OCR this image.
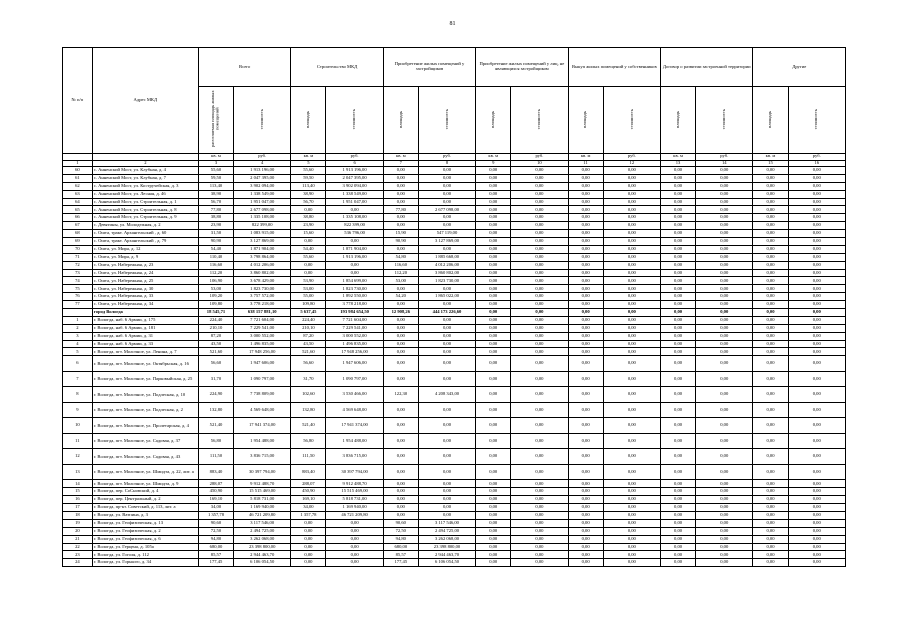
81
№ п/п	Адрес МКД	Всего		Строительство МКД		Приобретение жилых помещений у застройщиков		Приобретение жилых помещений у лиц, не являющихся застройщиком		Выкуп жилых помещений у собственников		Договор о развитии застроенной территории		Другие	
		расселяемая площадь жилых помещений	стоимость	площадь	стоимость	площадь	стоимость	площадь	стоимость	площадь	стоимость	площадь	стоимость	площадь	стоимость
		кв. м	руб.	кв. м	руб.	кв. м	руб.	кв. м	руб.	кв. м	руб.	кв. м	руб.	кв. м	руб.
1	2	3	4	5	6	7	8	9	10	11	12	13	14	15	16
60	с. Анненский Мост, ул. Клубная, д. 4	55,60	1 913 196,00	55,60	1 913 196,00	0,00	0,00	0,00	0,00	0,00	0,00	0,00	0,00	0,00	0,00
61	с. Анненский Мост, ул. Клубная, д. 7	59,50	2 047 395,00	59,50	2 047 395,00	0,00	0,00	0,00	0,00	0,00	0,00	0,00	0,00	0,00	0,00
62	с. Анненский Мост, ул. Костручейская, д. 3	113,40	3 902 094,00	113,40	3 902 094,00	0,00	0,00	0,00	0,00	0,00	0,00	0,00	0,00	0,00	0,00
63	с. Анненский Мост, ул. Лесная, д. 46	38,90	1 338 549,00	38,90	1 338 549,00	0,00	0,00	0,00	0,00	0,00	0,00	0,00	0,00	0,00	0,00
64	с. Анненский Мост, ул. Строительная, д. 1	56,70	1 951 047,00	56,70	1 951 047,00	0,00	0,00	0,00	0,00	0,00	0,00	0,00	0,00	0,00	0,00
65	с. Анненский Мост, ул. Строительная, д. 8	77,80	2 677 098,00	0,00	0,00	77,80	2 677 098,00	0,00	0,00	0,00	0,00	0,00	0,00	0,00	0,00
66	с. Анненский Мост, ул. Строительная, д. 9	38,80	1 335 108,00	38,80	1 335 108,00	0,00	0,00	0,00	0,00	0,00	0,00	0,00	0,00	0,00	0,00
67	с. Девятины, ул. Молодежная, д. 2	23,90	822 399,00	23,90	822 399,00	0,00	0,00	0,00	0,00	0,00	0,00	0,00	0,00	0,00	0,00
68	с. Ошта, тракт. Архангельский , д. 60	31,50	1 083 915,00	15,60	536 796,00	15,90	547 119,00	0,00	0,00	0,00	0,00	0,00	0,00	0,00	0,00
69	с. Ошта, тракт. Архангельский , д. 79	90,90	3 127 869,00	0,00	0,00	90,90	3 127 869,00	0,00	0,00	0,00	0,00	0,00	0,00	0,00	0,00
70	с. Ошта, ул. Мира, д. 12	54,40	1 871 904,00	54,40	1 871 904,00	0,00	0,00	0,00	0,00	0,00	0,00	0,00	0,00	0,00	0,00
71	с. Ошта, ул. Мира, д. 9	110,40	3 798 864,00	55,60	1 913 196,00	54,80	1 885 668,00	0,00	0,00	0,00	0,00	0,00	0,00	0,00	0,00
72	с. Ошта, ул. Набережная, д. 23	116,60	4 012 206,00	0,00	0,00	116,60	4 012 206,00	0,00	0,00	0,00	0,00	0,00	0,00	0,00	0,00
73	с. Ошта, ул. Набережная, д. 24	112,20	3 860 802,00	0,00	0,00	112,20	3 860 802,00	0,00	0,00	0,00	0,00	0,00	0,00	0,00	0,00
74	с. Ошта, ул. Набережная, д. 25	106,90	3 678 429,00	53,90	1 854 699,00	53,00	1 823 730,00	0,00	0,00	0,00	0,00	0,00	0,00	0,00	0,00
75	с. Ошта, ул. Набережная, д. 30	53,00	1 823 730,00	53,00	1 823 730,00	0,00	0,00	0,00	0,00	0,00	0,00	0,00	0,00	0,00	0,00
76	с. Ошта, ул. Набережная, д. 33	109,20	3 757 572,00	55,00	1 892 550,00	54,20	1 865 022,00	0,00	0,00	0,00	0,00	0,00	0,00	0,00	0,00
77	с. Ошта, ул. Набережная, д. 34	109,80	3 778 218,00	109,80	3 778 218,00	0,00	0,00	0,00	0,00	0,00	0,00	0,00	0,00	0,00	0,00
	город Вологда	18 545,71	638 157 881,10	5 637,45	193 984 654,50	12 908,26	444 173 226,60	0,00	0,00	0,00	0,00	0,00	0,00	0,00	0,00
1	г. Вологда, наб. 6 Армии, д. 175	224,40	7 721 604,00	224,40	7 721 604,00	0,00	0,00	0,00	0,00	0,00	0,00	0,00	0,00	0,00	0,00
2	г. Вологда, наб. 6 Армии, д. 181	210,10	7 229 541,00	210,10	7 229 541,00	0,00	0,00	0,00	0,00	0,00	0,00	0,00	0,00	0,00	0,00
3	г. Вологда, наб. 6 Армии, д. 31	87,20	3 000 552,00	87,20	3 000 552,00	0,00	0,00	0,00	0,00	0,00	0,00	0,00	0,00	0,00	0,00
4	г. Вологда, наб. 6 Армии, д. 33	43,50	1 496 835,00	43,50	1 496 835,00	0,00	0,00	0,00	0,00	0,00	0,00	0,00	0,00	0,00	0,00
5	г. Вологда, пгт. Молочное, ул. Ленина, д. 7	521,60	17 948 256,00	521,60	17 948 256,00	0,00	0,00	0,00	0,00	0,00	0,00	0,00	0,00	0,00	0,00
6	г. Вологда, пгт. Молочное, ул. Октябрьская, д. 16	56,60	1 947 606,00	56,60	1 947 606,00	0,00	0,00	0,00	0,00	0,00	0,00	0,00	0,00	0,00	0,00
7	г. Вологда, пгт. Молочное, ул. Парковыйская, д. 25	31,70	1 090 797,00	31,70	1 090 797,00	0,00	0,00	0,00	0,00	0,00	0,00	0,00	0,00	0,00	0,00
8	г. Вологда, пгт. Молочное, ул. Подлесная, д. 10	224,90	7 738 809,00	102,60	3 530 466,00	122,30	4 208 343,00	0,00	0,00	0,00	0,00	0,00	0,00	0,00	0,00
9	г. Вологда, пгт. Молочное, ул. Подлесная, д. 2	132,80	4 569 648,00	132,80	4 569 648,00	0,00	0,00	0,00	0,00	0,00	0,00	0,00	0,00	0,00	0,00
10	г. Вологда, пгт. Молочное, ул. Пролетарская, д. 4	521,40	17 941 374,00	521,40	17 941 374,00	0,00	0,00	0,00	0,00	0,00	0,00	0,00	0,00	0,00	0,00
11	г. Вологда, пгт. Молочное, ул. Садовая, д. 37	56,80	1 954 488,00	56,80	1 954 488,00	0,00	0,00	0,00	0,00	0,00	0,00	0,00	0,00	0,00	0,00
12	г. Вологда, пгт. Молочное, ул. Садовая, д. 43	111,50	3 836 715,00	111,50	3 836 715,00	0,00	0,00	0,00	0,00	0,00	0,00	0,00	0,00	0,00	0,00
13	г. Вологда, пгт. Молочное, ул. Шмидта, д. 22, лит. а	883,40	30 397 794,00	883,40	30 397 794,00	0,00	0,00	0,00	0,00	0,00	0,00	0,00	0,00	0,00	0,00
14	г. Вологда, пгт. Молочное, ул. Шмидта, д. 9	288,07	9 912 488,70	288,07	9 912 488,70	0,00	0,00	0,00	0,00	0,00	0,00	0,00	0,00	0,00	0,00
15	г. Вологда, пер. СоСновский, д. 4	450,90	15 515 469,00	450,90	15 515 469,00	0,00	0,00	0,00	0,00	0,00	0,00	0,00	0,00	0,00	0,00
16	г. Вологда, пер. Центральный, д. 2	169,10	5 818 731,00	169,10	5 818 731,00	0,00	0,00	0,00	0,00	0,00	0,00	0,00	0,00	0,00	0,00
17	г. Вологда, пр-кт. Советский, д. 113, лит. а	34,00	1 169 940,00	34,00	1 169 940,00	0,00	0,00	0,00	0,00	0,00	0,00	0,00	0,00	0,00	0,00
18	г. Вологда, ул. Ватпина, д. 3	1 357,78	46 721 209,80	1 357,78	46 721 209,80	0,00	0,00	0,00	0,00	0,00	0,00	0,00	0,00	0,00	0,00
19	г. Вологда, ул. Геофизическая, д. 13	90,60	3 117 546,00	0,00	0,00	90,60	3 117 546,00	0,00	0,00	0,00	0,00	0,00	0,00	0,00	0,00
20	г. Вологда, ул. Геофизическая, д. 2	72,50	2 494 725,00	0,00	0,00	72,50	2 494 725,00	0,00	0,00	0,00	0,00	0,00	0,00	0,00	0,00
21	г. Вологда, ул. Геофизическая, д. 6	94,80	3 262 068,00	0,00	0,00	94,80	3 262 068,00	0,00	0,00	0,00	0,00	0,00	0,00	0,00	0,00
22	г. Вологда, ул. Герцена, д. 105а	680,00	23 398 800,00	0,00	0,00	680,00	23 398 800,00	0,00	0,00	0,00	0,00	0,00	0,00	0,00	0,00
23	г. Вологда, ул. Гоголя, д. 112	85,57	2 944 463,70	0,00	0,00	85,57	2 944 463,70	0,00	0,00	0,00	0,00	0,00	0,00	0,00	0,00
24	г. Вологда, ул. Горького, д. 34	177,45	6 106 054,50	0,00	0,00	177,45	6 106 054,50	0,00	0,00	0,00	0,00	0,00	0,00	0,00	0,00
